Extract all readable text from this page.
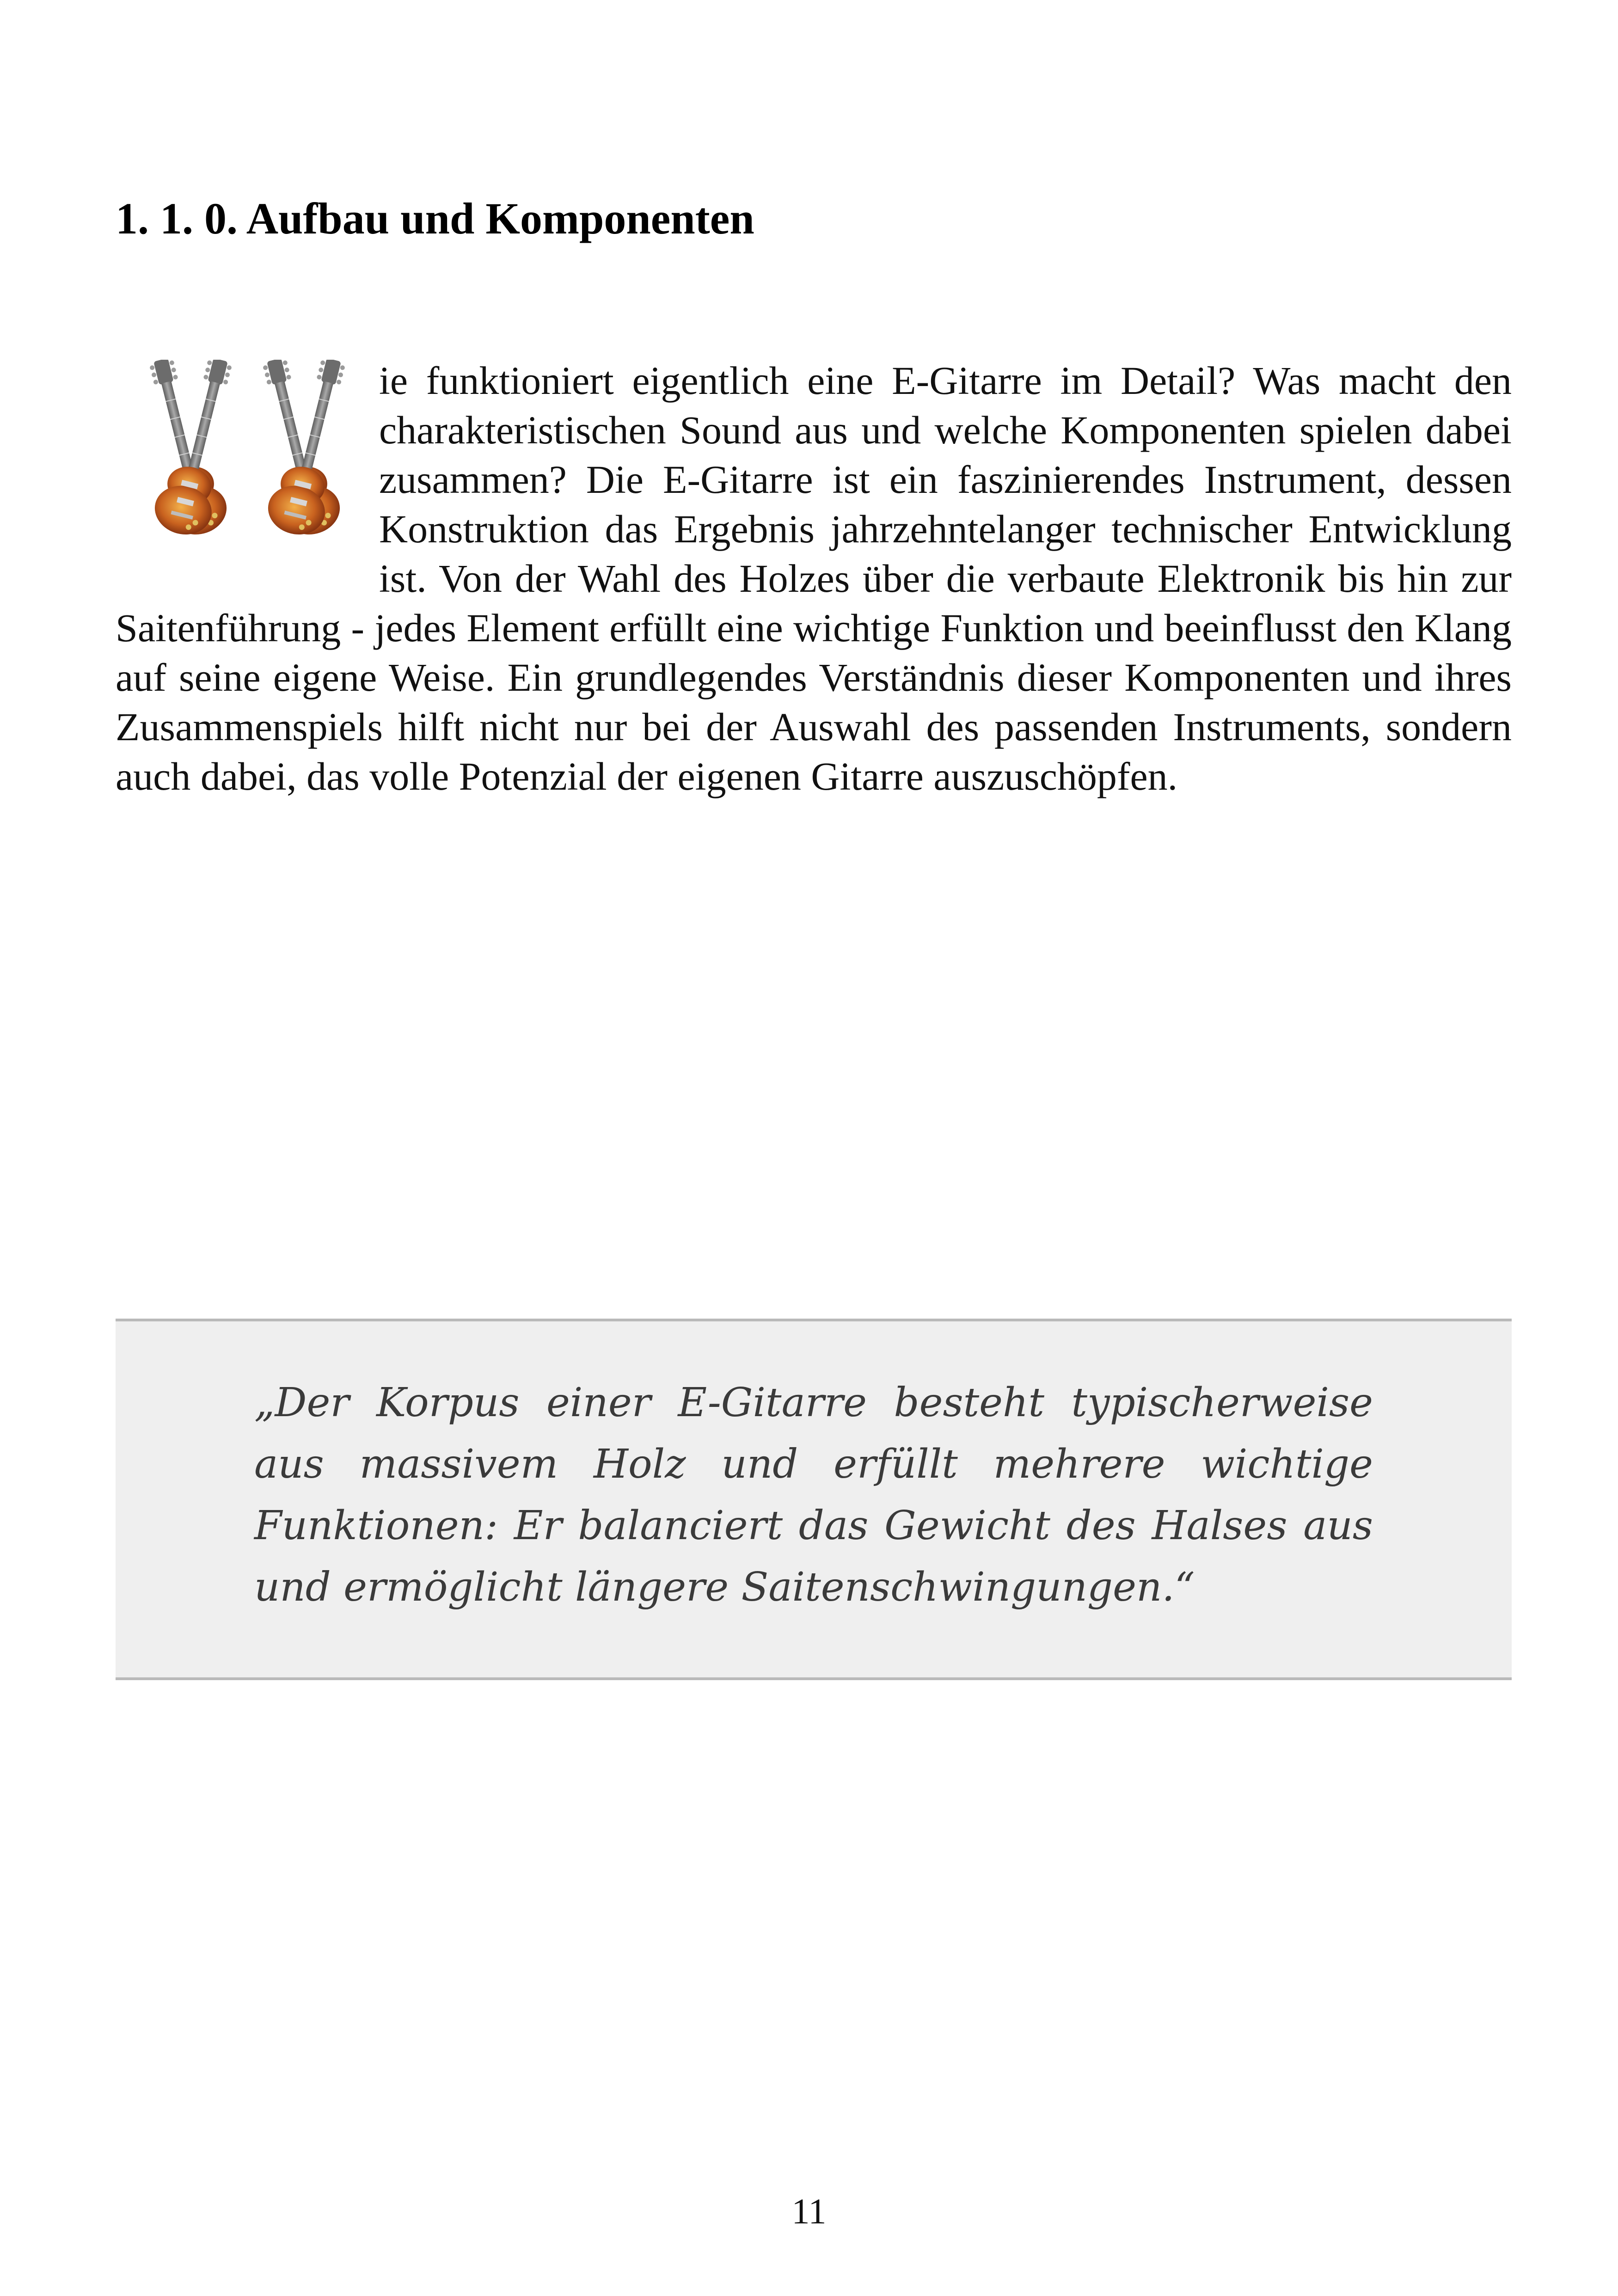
1. 1. 0. Aufbau und Komponenten
ie funktioniert eigentlich eine E-Gitarre im Detail? Was macht den charakteristischen Sound aus und welche Komponenten spielen dabei zusammen? Die E-Gitarre ist ein faszinierendes Instrument, dessen Konstruktion das Ergebnis jahrzehntelanger technischer Entwicklung ist. Von der Wahl des Holzes über die verbaute Elektronik bis hin zur Saitenführung - jedes Element erfüllt eine wichtige Funktion und beeinflusst den Klang auf seine eigene Weise. Ein grundlegendes Verständnis dieser Komponenten und ihres Zusammenspiels hilft nicht nur bei der Auswahl des passenden Instruments, sondern auch dabei, das volle Potenzial der eigenen Gitarre auszuschöpfen.

„Der Korpus einer E-Gitarre besteht typischerweise aus massivem Holz und erfüllt mehrere wichtige Funktionen: Er balanciert das Gewicht des Halses aus und ermöglicht längere Saitenschwingungen.“

11
